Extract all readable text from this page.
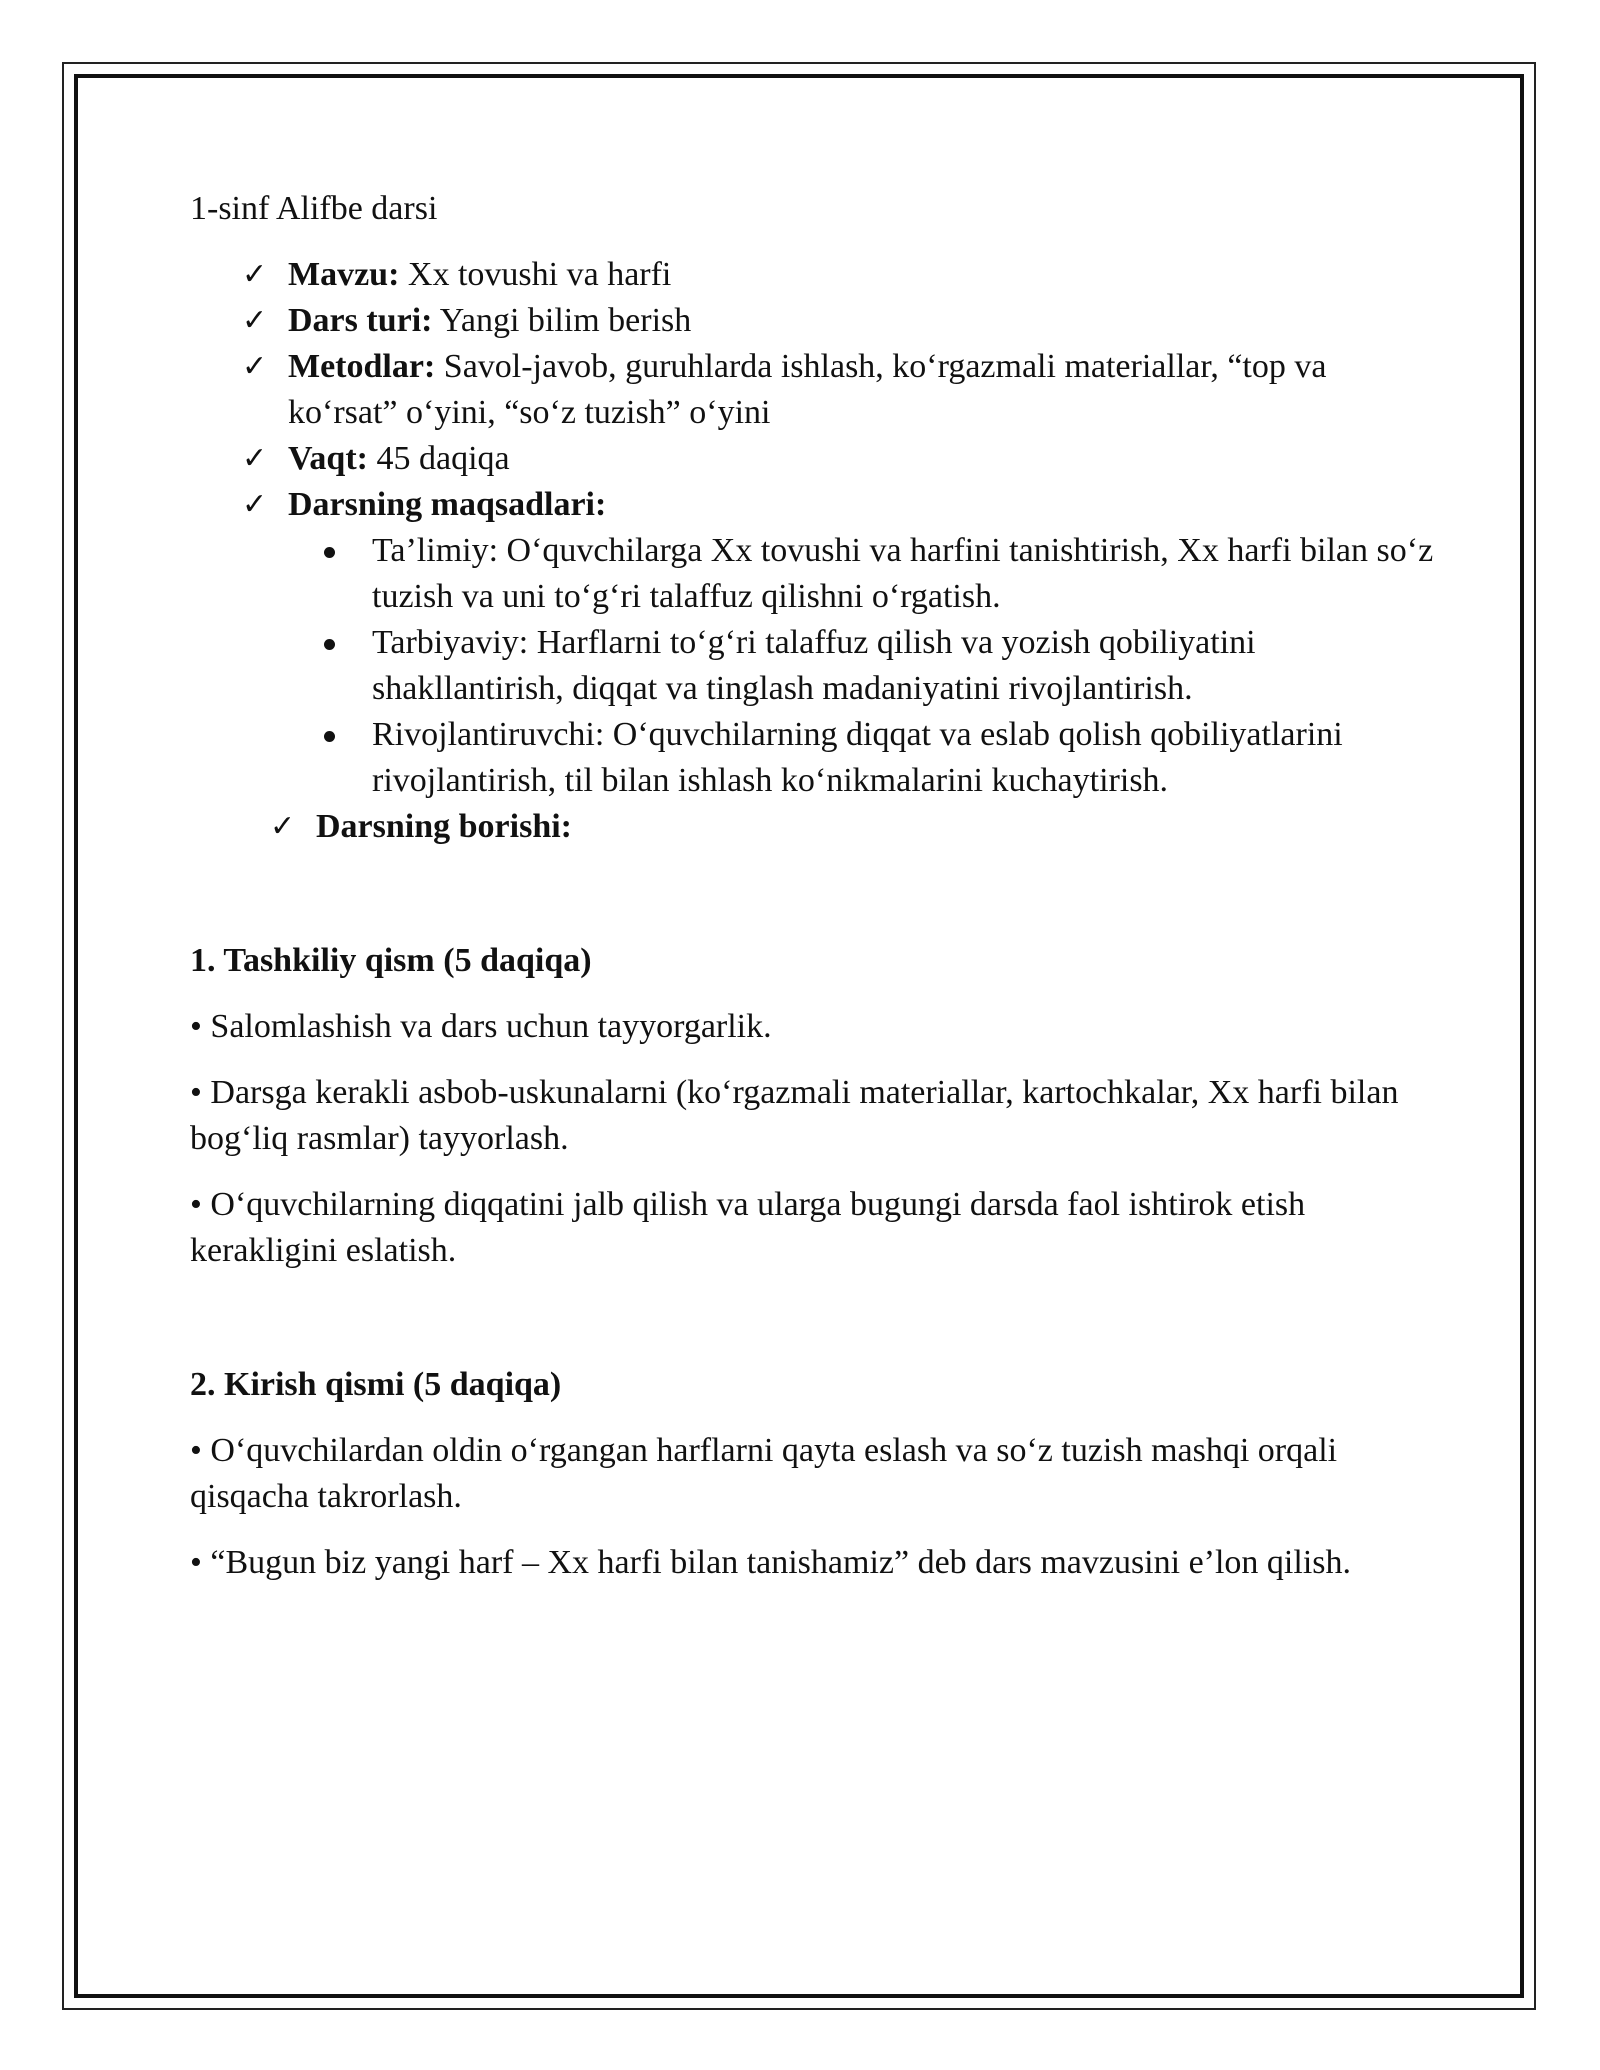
1-sinf Alifbe darsi

✓ Mavzu: Xx tovushi va harfi
✓ Dars turi: Yangi bilim berish
✓ Metodlar: Savol-javob, guruhlarda ishlash, koʻrgazmali materiallar, “top va koʻrsat” oʻyini, “soʻz tuzish” oʻyini
✓ Vaqt: 45 daqiqa
✓ Darsning maqsadlari:
Ta’limiy: Oʻquvchilarga Xx tovushi va harfini tanishtirish, Xx harfi bilan soʻz tuzish va uni toʻgʻri talaffuz qilishni oʻrgatish.
Tarbiyaviy: Harflarni toʻgʻri talaffuz qilish va yozish qobiliyatini shakllantirish, diqqat va tinglash madaniyatini rivojlantirish.
Rivojlantiruvchi: Oʻquvchilarning diqqat va eslab qolish qobiliyatlarini rivojlantirish, til bilan ishlash koʻnikmalarini kuchaytirish.
✓ Darsning borishi:

1. Tashkiliy qism (5 daqiqa)

• Salomlashish va dars uchun tayyorgarlik.

• Darsga kerakli asbob-uskunalarni (koʻrgazmali materiallar, kartochkalar, Xx harfi bilan bogʻliq rasmlar) tayyorlash.

• Oʻquvchilarning diqqatini jalb qilish va ularga bugungi darsda faol ishtirok etish kerakligini eslatish.

2. Kirish qismi (5 daqiqa)

• Oʻquvchilardan oldin oʻrgangan harflarni qayta eslash va soʻz tuzish mashqi orqali qisqacha takrorlash.

• “Bugun biz yangi harf – Xx harfi bilan tanishamiz” deb dars mavzusini e’lon qilish.
